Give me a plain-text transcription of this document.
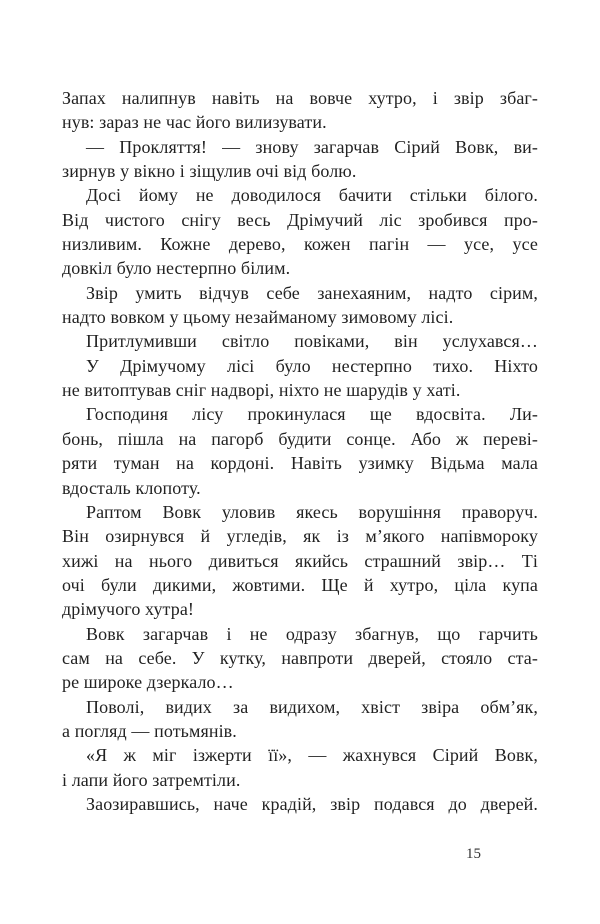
Запах налипнув навіть на вовче хутро, і звір збаг-
нув: зараз не час його вилизувати.
— Прокляття! — знову загарчав Сірий Вовк, ви-
зирнув у вікно і зіщулив очі від болю.
Досі йому не доводилося бачити стільки білого.
Від чистого снігу весь Дрімучий ліс зробився про-
низливим. Кожне дерево, кожен пагін — усе, усе
довкіл було нестерпно білим.
Звір умить відчув себе занехаяним, надто сірим,
надто вовком у цьому незайманому зимовому лісі.
Притлумивши світло повіками, він услухався…
У Дрімучому лісі було нестерпно тихо. Ніхто
не витоптував сніг надворі, ніхто не шарудів у хаті.
Господиня лісу прокинулася ще вдосвіта. Ли-
бонь, пішла на пагорб будити сонце. Або ж переві-
ряти туман на кордоні. Навіть узимку Відьма мала
вдосталь клопоту.
Раптом Вовк уловив якесь ворушіння праворуч.
Він озирнувся й угледів, як із м’якого напівмороку
хижі на нього дивиться якийсь страшний звір… Ті
очі були дикими, жовтими. Ще й хутро, ціла купа
дрімучого хутра!
Вовк загарчав і не одразу збагнув, що гарчить
сам на себе. У кутку, навпроти дверей, стояло ста-
ре широке дзеркало…
Поволі, видих за видихом, хвіст звіра обм’як,
а погляд — потьмянів.
«Я ж міг ізжерти її», — жахнувся Сірий Вовк,
і лапи його затремтіли.
Заозиравшись, наче крадій, звір подався до дверей.
15
